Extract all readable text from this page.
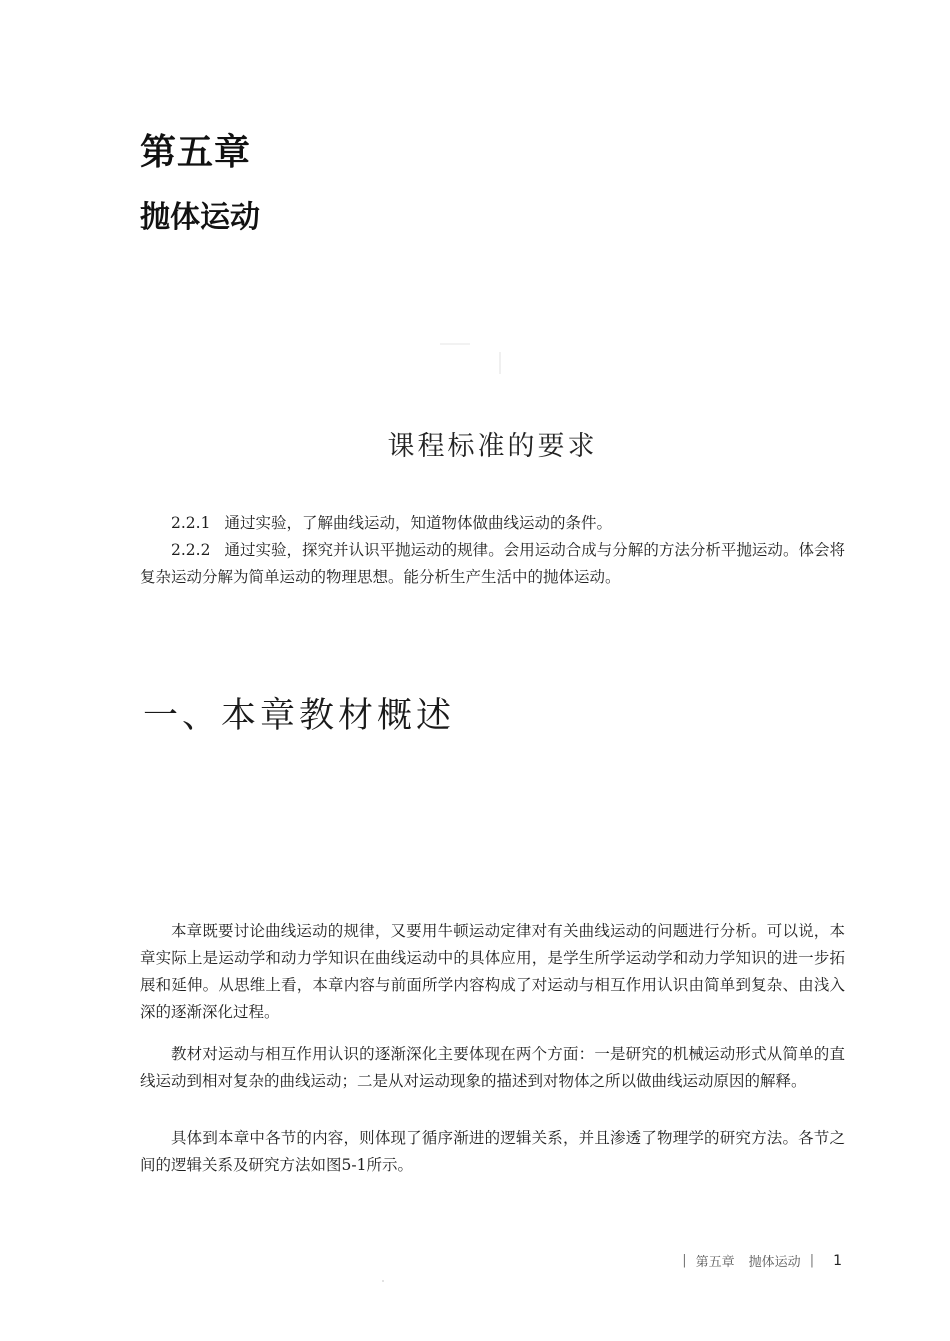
第五章
抛体运动
课程标准的要求

2.2.1 通过实验，了解曲线运动，知道物体做曲线运动的条件。

2.2.2 通过实验，探究并认识平抛运动的规律。会用运动合成与分解的方法分析平抛运动。体会将复杂运动分解为简单运动的物理思想。能分析生产生活中的抛体运动。

一、本章教材概述

本章既要讨论曲线运动的规律，又要用牛顿运动定律对有关曲线运动的问题进行分析。可以说，本章实际上是运动学和动力学知识在曲线运动中的具体应用，是学生所学运动学和动力学知识的进一步拓展和延伸。从思维上看，本章内容与前面所学内容构成了对运动与相互作用认识由简单到复杂、由浅入深的逐渐深化过程。

教材对运动与相互作用认识的逐渐深化主要体现在两个方面：一是研究的机械运动形式从简单的直线运动到相对复杂的曲线运动；二是从对运动现象的描述到对物体之所以做曲线运动原因的解释。

具体到本章中各节的内容，则体现了循序渐进的逻辑关系，并且渗透了物理学的研究方法。各节之间的逻辑关系及研究方法如图5-1所示。

| 第五章 抛体运动 | 1
